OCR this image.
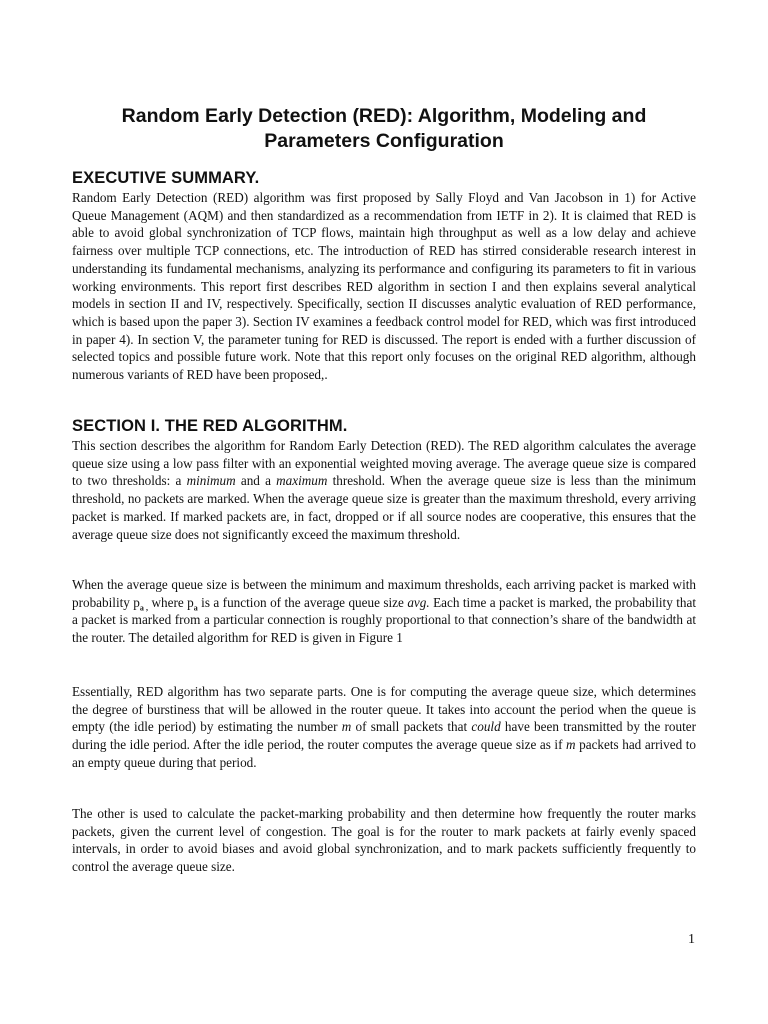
Random Early Detection (RED): Algorithm, Modeling and
Parameters Configuration
EXECUTIVE SUMMARY.

Random Early Detection (RED) algorithm was first proposed by Sally Floyd and Van Jacobson in 1) for Active Queue Management (AQM) and then standardized as a recommendation from IETF in 2). It is claimed that RED is able to avoid global synchronization of TCP flows, maintain high throughput as well as a low delay and achieve fairness over multiple TCP connections, etc. The introduction of RED has stirred considerable research interest in understanding its fundamental mechanisms, analyzing its performance and configuring its parameters to fit in various working environments. This report first describes RED algorithm in section I and then explains several analytical models in section II and IV, respectively. Specifically, section II discusses analytic evaluation of RED performance, which is based upon the paper 3). Section IV examines a feedback control model for RED, which was first introduced in paper 4). In section V, the parameter tuning for RED is discussed. The report is ended with a further discussion of selected topics and possible future work. Note that this report only focuses on the original RED algorithm, although numerous variants of RED have been proposed,.

SECTION I. THE RED ALGORITHM.

This section describes the algorithm for Random Early Detection (RED). The RED algorithm calculates the average queue size using a low pass filter with an exponential weighted moving average. The average queue size is compared to two thresholds: a minimum and a maximum threshold. When the average queue size is less than the minimum threshold, no packets are marked. When the average queue size is greater than the maximum threshold, every arriving packet is marked. If marked packets are, in fact, dropped or if all source nodes are cooperative, this ensures that the average queue size does not significantly exceed the maximum threshold.

When the average queue size is between the minimum and maximum thresholds, each arriving packet is marked with probability $p_{a ,}$ where $p_a$ is a function of the average queue size avg. Each time a packet is marked, the probability that a packet is marked from a particular connection is roughly proportional to that connection’s share of the bandwidth at the router. The detailed algorithm for RED is given in Figure 1

Essentially, RED algorithm has two separate parts. One is for computing the average queue size, which determines the degree of burstiness that will be allowed in the router queue. It takes into account the period when the queue is empty (the idle period) by estimating the number m of small packets that could have been transmitted by the router during the idle period. After the idle period, the router computes the average queue size as if m packets had arrived to an empty queue during that period.

The other is used to calculate the packet-marking probability and then determine how frequently the router marks packets, given the current level of congestion. The goal is for the router to mark packets at fairly evenly spaced intervals, in order to avoid biases and avoid global synchronization, and to mark packets sufficiently frequently to control the average queue size.

1
